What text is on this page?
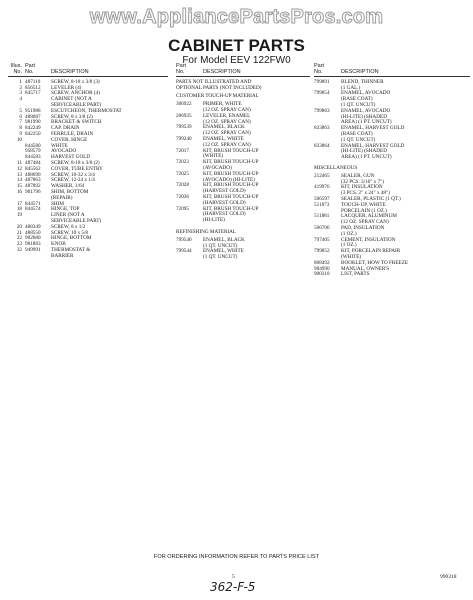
www.AppliancePartsPros.com
CABINET PARTS
For Model EEV 122FW0
Illus.
No.
Part
No.	DESCRIPTION
1 487110	SCREW, 8-18 x 3/8 (3)
2 856512	LEVELER (4)
3 845717	SCREW, ANCHOR (4)
4	CABINET (NOT A
SERVICEABLE PART)
5 951988	ESCUTCHEON, THERMOSTAT
6 488687	SCREW, 8 x 3/8 (2)
7 981990	BRACKET & SWITCH
8 842249	CAP, DRAIN
9 842250	FERRULE, DRAIN
10	COVER, HINGE
844580	WHITE
958579	AVOCADO
844583	HARVEST GOLD
11 487484	SCREW, 8-18 x 3/8 (2)
12 845562	COVER, TUBE ENTRY
13 488690	SCREW, 10-32 x 3/4
14 487863	SCREW, 12-24 x 1/4
15 487892	WASHER, 1/64
16 981796	SHIM, BOTTOM
(REPAIR)
17 844571	SHIM
18 844574	HINGE, TOP
19	LINER (NOT A
SERVICEABLE PART)
20 488349	SCREW, 8 x 1/2
21 488550	SCREW, 10 x 5/8
22 902680	HINGE, BOTTOM
23 981883	KNOB
32 949991	THERMOSTAT &
BARRIER
Part
No.	DESCRIPTION
PARTS NOT ILLUSTRATED AND
OPTIONAL PARTS (NOT INCLUDED)
CUSTOMER TOUCH-UP MATERIAL
306922	PRIMER, WHITE
(12 OZ. SPRAY CAN)
206935	LEVELER, ENAMEL
(12 OZ. SPRAY CAN)
799539	ENAMEL, BLACK
(12 OZ. SPRAY CAN)
799240	ENAMEL, WHITE
(12 OZ. SPRAY CAN)
72017	KIT, BRUSH TOUCH-UP
(WHITE)
72023	KIT, BRUSH TOUCH-UP
(AVOCADO)
72025	KIT, BRUSH TOUCH-UP
(AVOCADO) (HI-LITE)
72028	KIT, BRUSH TOUCH-UP
(HARVEST GOLD)
72036	KIT, BRUSH TOUCH-UP
(HARVEST GOLD)
72095	KIT, BRUSH TOUCH-UP
(HARVEST GOLD)
(HI-LITE)
REFINISHING MATERIAL
799540	ENAMEL, BLACK
(1 QT. UNCUT)
799544	ENAMEL, WHITE
(1 QT. UNCUT)
Part
No.	DESCRIPTION
799891	BLEND, THINNER
(1 GAL.)
799854	ENAMEL, AVOCADO
(BASE COAT)
(1 QT. UNCUT)
799863	ENAMEL, AVOCADO
(HI-LITE) (SHADED
AREA) (1 PT. UNCUT)
833863	ENAMEL, HARVEST GOLD
(BASE COAT)
(1 QT. UNCUT)
833864	ENAMEL, HARVEST GOLD
(HI-LITE) (SHADED
AREA) (1 PT. UNCUT)
MISCELLANEOUS
212465	SEALER, GUN
(32 PCS. 3/16" x 7")
419976	KIT, INSULATION
(3 PCS. 2" x 24" x 48")
506597	SEALER, PLASTIC (1 QT.)
511873	TOUCH-UP, WHITE
PORCELAIN (1 OZ.)
511881	LACQUER, ALUMINUM
(12 OZ. SPRAY CAN)
506706	PAD, INSULATION
(1 OZ.)
797405	CEMENT, INSULATION
(1 OZ.)
799852	KIT, PORCELAIN REPAIR
(WHITE)
808492	BOOKLET, HOW TO FREEZE
984990	MANUAL, OWNER'S
900318	LIST, PARTS
FOR ORDERING INFORMATION REFER TO PARTS PRICE LIST
5	990318
362-F-5
